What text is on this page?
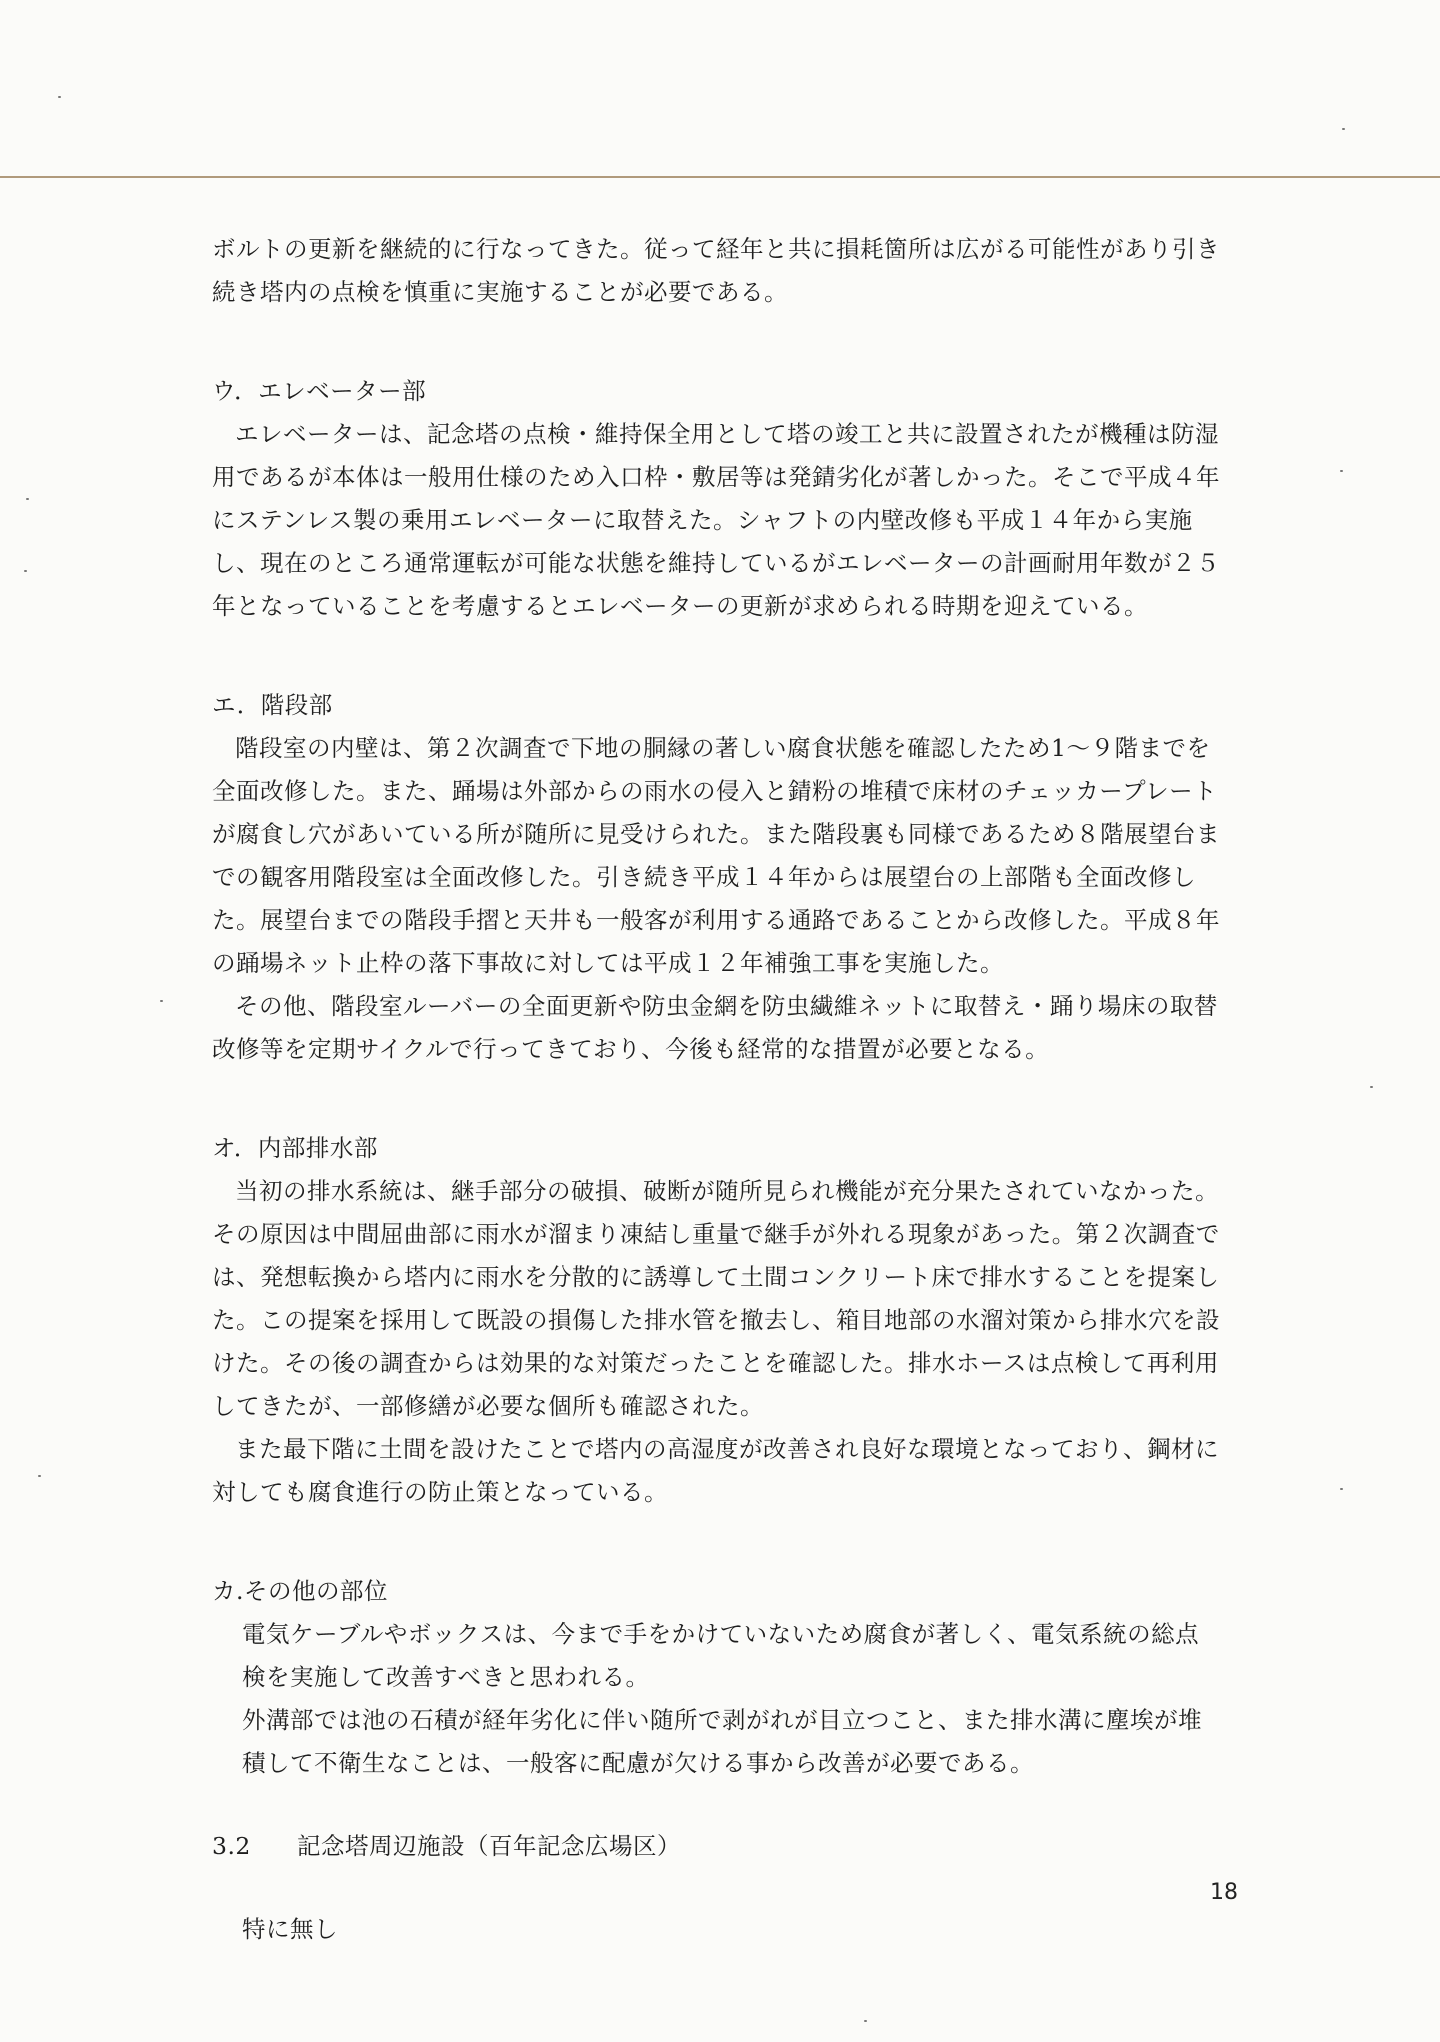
ボルトの更新を継続的に行なってきた。従って経年と共に損耗箇所は広がる可能性があり引き続き塔内の点検を慎重に実施することが必要である。

ウ．エレベーター部

エレベーターは、記念塔の点検・維持保全用として塔の竣工と共に設置されたが機種は防湿用であるが本体は一般用仕様のため入口枠・敷居等は発錆劣化が著しかった。そこで平成４年にステンレス製の乗用エレベーターに取替えた。シャフトの内壁改修も平成１４年から実施し、現在のところ通常運転が可能な状態を維持しているがエレベーターの計画耐用年数が２５年となっていることを考慮するとエレベーターの更新が求められる時期を迎えている。

エ．階段部

階段室の内壁は、第２次調査で下地の胴縁の著しい腐食状態を確認したため1～９階までを全面改修した。また、踊場は外部からの雨水の侵入と錆粉の堆積で床材のチェッカープレートが腐食し穴があいている所が随所に見受けられた。また階段裏も同様であるため８階展望台までの観客用階段室は全面改修した。引き続き平成１４年からは展望台の上部階も全面改修した。展望台までの階段手摺と天井も一般客が利用する通路であることから改修した。平成８年の踊場ネット止枠の落下事故に対しては平成１２年補強工事を実施した。

その他、階段室ルーバーの全面更新や防虫金網を防虫繊維ネットに取替え・踊り場床の取替改修等を定期サイクルで行ってきており、今後も経常的な措置が必要となる。

オ．内部排水部

当初の排水系統は、継手部分の破損、破断が随所見られ機能が充分果たされていなかった。その原因は中間屈曲部に雨水が溜まり凍結し重量で継手が外れる現象があった。第２次調査では、発想転換から塔内に雨水を分散的に誘導して土間コンクリート床で排水することを提案した。この提案を採用して既設の損傷した排水管を撤去し、箱目地部の水溜対策から排水穴を設けた。その後の調査からは効果的な対策だったことを確認した。排水ホースは点検して再利用してきたが、一部修繕が必要な個所も確認された。

また最下階に土間を設けたことで塔内の高湿度が改善され良好な環境となっており、鋼材に対しても腐食進行の防止策となっている。

カ.その他の部位

電気ケーブルやボックスは、今まで手をかけていないため腐食が著しく、電気系統の総点検を実施して改善すべきと思われる。

外溝部では池の石積が経年劣化に伴い随所で剥がれが目立つこと、また排水溝に塵埃が堆積して不衛生なことは、一般客に配慮が欠ける事から改善が必要である。

3.2 記念塔周辺施設（百年記念広場区）

特に無し

18
